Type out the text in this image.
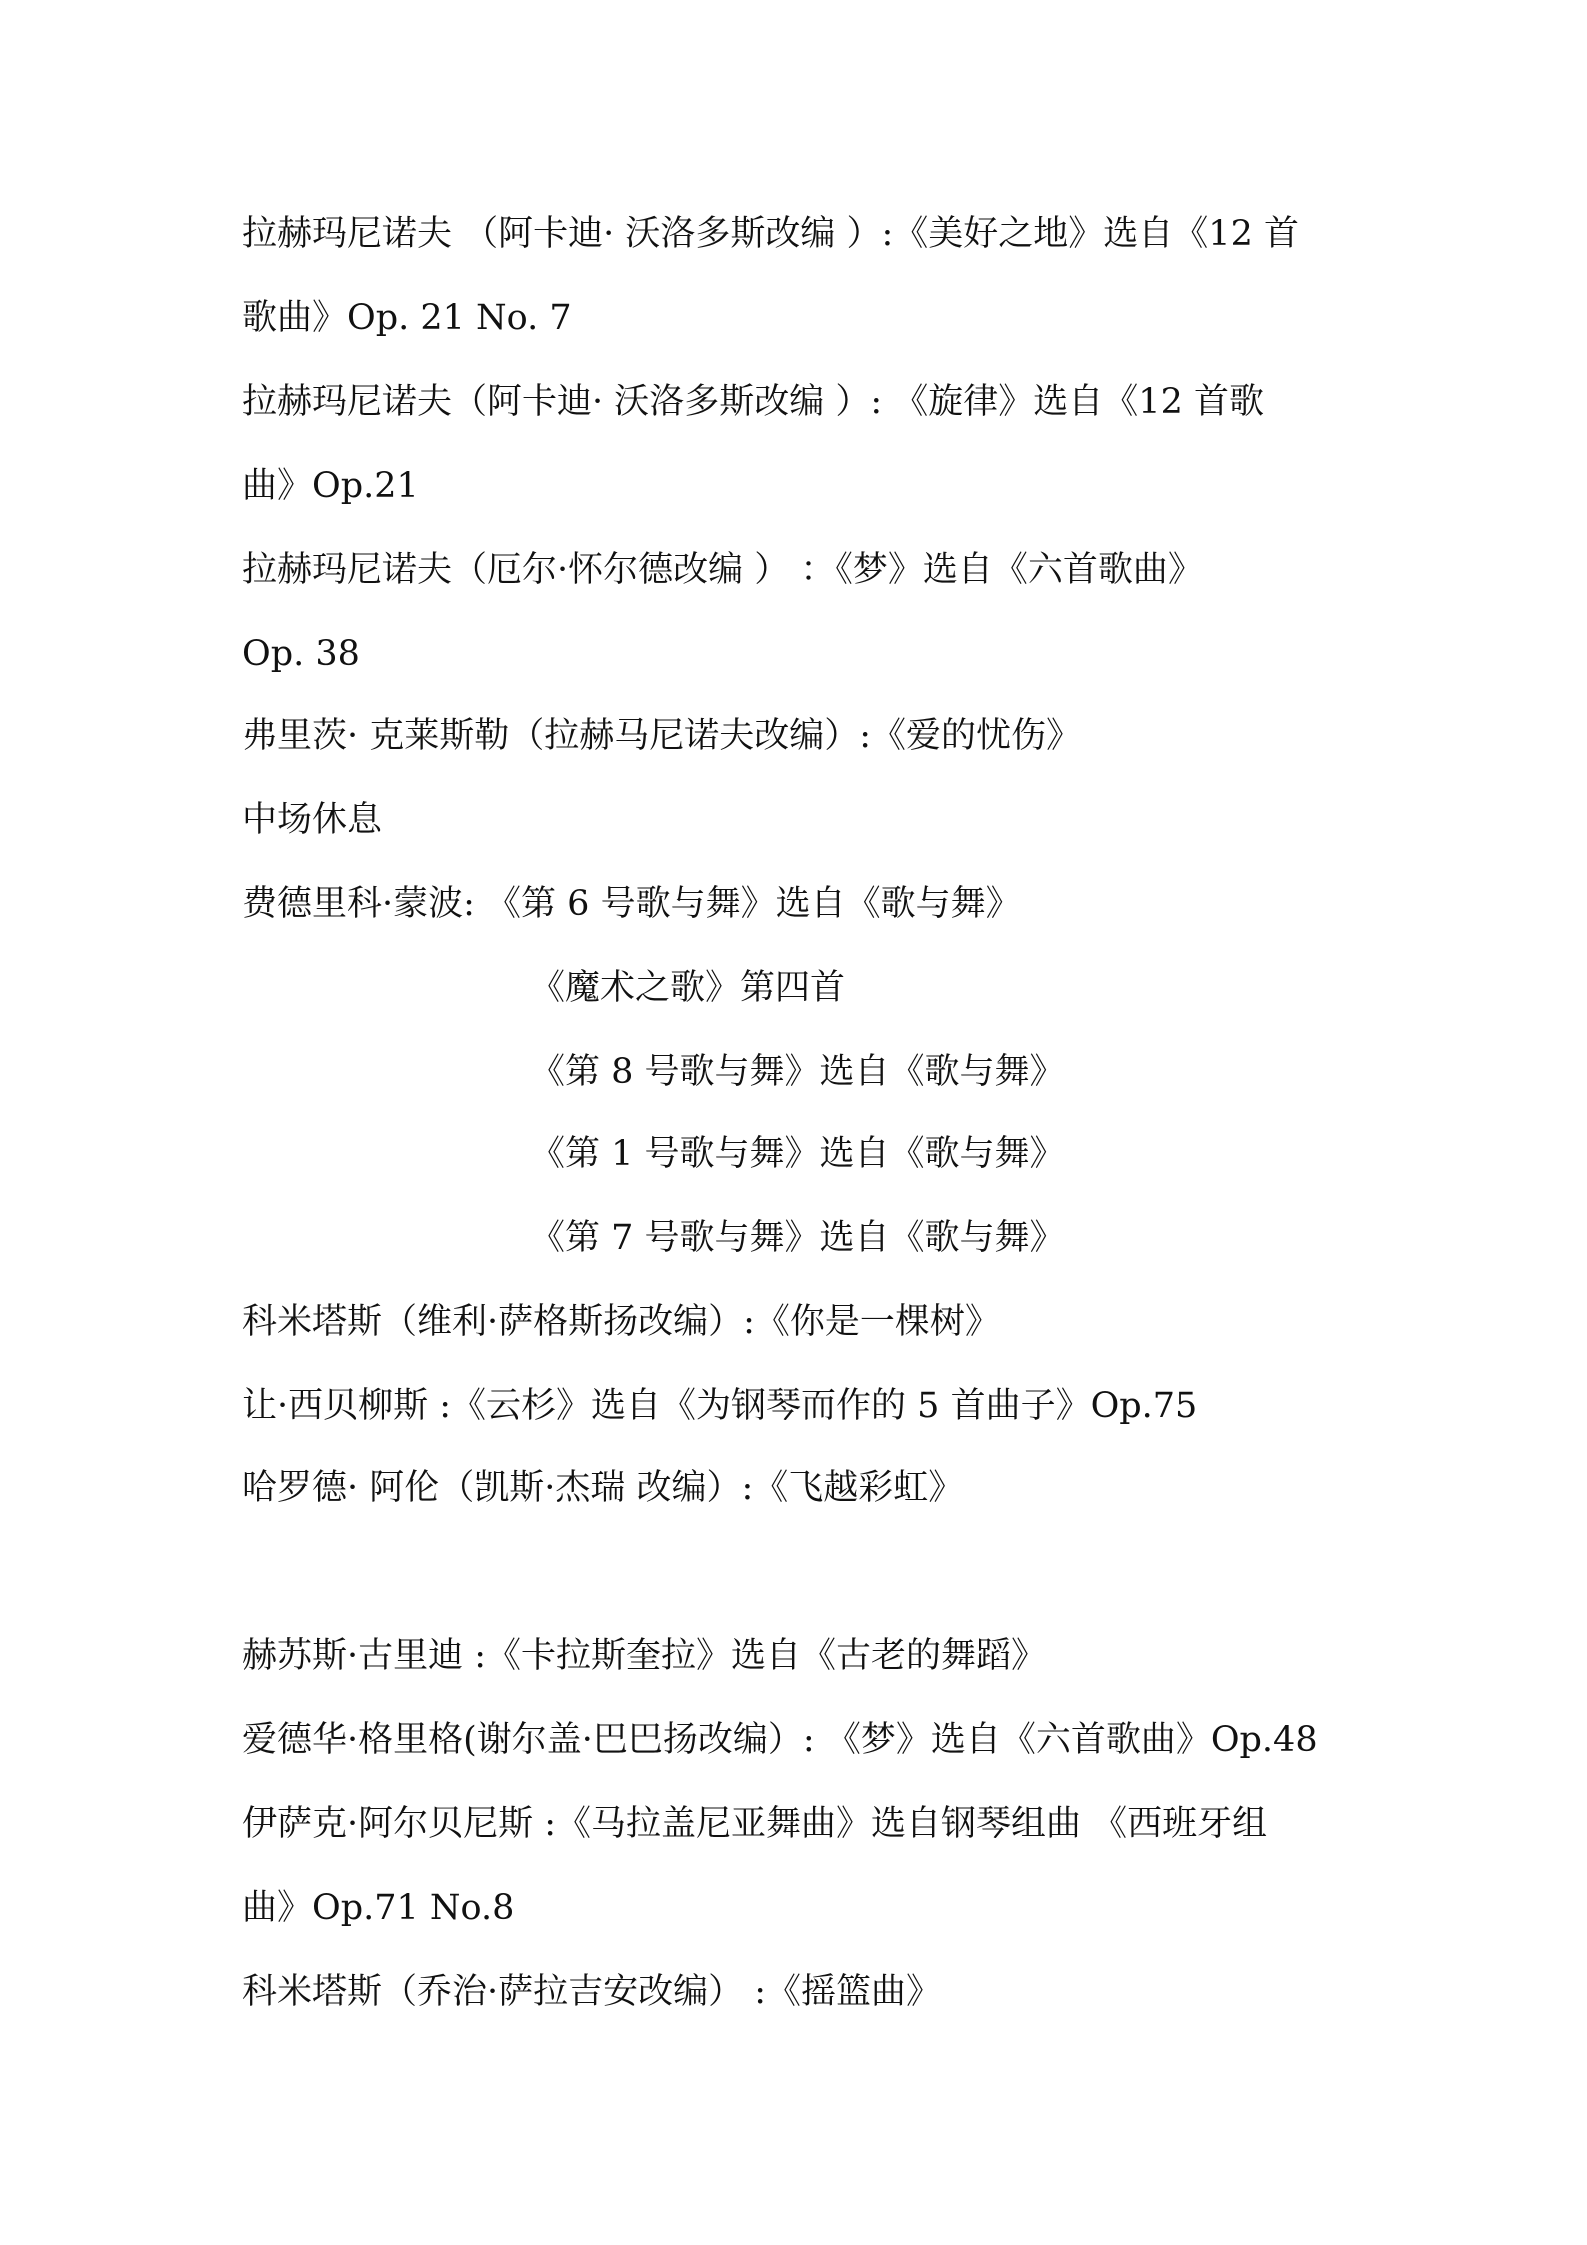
拉赫玛尼诺夫 （阿卡迪· 沃洛多斯改编 ）:《美好之地》选自《12 首
歌曲》Op. 21 No. 7
拉赫玛尼诺夫（阿卡迪· 沃洛多斯改编 ）: 《旋律》选自《12 首歌
曲》Op.21
拉赫玛尼诺夫（厄尔·怀尔德改编 ） ：《梦》选自《六首歌曲》
Op. 38
弗里茨· 克莱斯勒（拉赫马尼诺夫改编）:《爱的忧伤》
中场休息
费德里科·蒙波: 《第 6 号歌与舞》选自《歌与舞》
《魔术之歌》第四首
《第 8 号歌与舞》选自《歌与舞》
《第 1 号歌与舞》选自《歌与舞》
《第 7 号歌与舞》选自《歌与舞》
科米塔斯（维利·萨格斯扬改编）:《你是一棵树》
让·西贝柳斯 :《云杉》选自《为钢琴而作的 5 首曲子》Op.75
哈罗德· 阿伦（凯斯·杰瑞 改编）:《飞越彩虹》
赫苏斯·古里迪 :《卡拉斯奎拉》选自《古老的舞蹈》
爱德华·格里格(谢尔盖·巴巴扬改编）: 《梦》选自《六首歌曲》Op.48
伊萨克·阿尔贝尼斯 :《马拉盖尼亚舞曲》选自钢琴组曲 《西班牙组
曲》Op.71 No.8
科米塔斯（乔治·萨拉吉安改编） :《摇篮曲》
